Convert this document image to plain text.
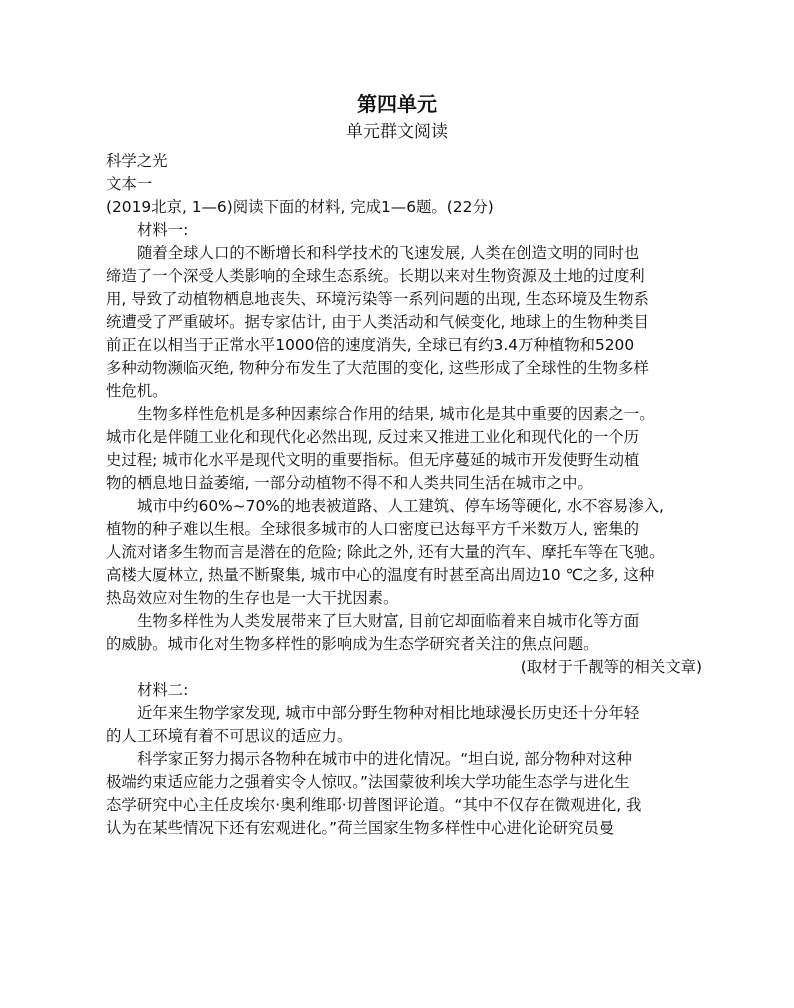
第四单元
单元群文阅读
科学之光
文本一
(2019北京, 1—6)阅读下面的材料, 完成1—6题。(22分)
材料一:
随着全球人口的不断增长和科学技术的飞速发展, 人类在创造文明的同时也
缔造了一个深受人类影响的全球生态系统。长期以来对生物资源及土地的过度利
用, 导致了动植物栖息地丧失、环境污染等一系列问题的出现, 生态环境及生物系
统遭受了严重破坏。据专家估计, 由于人类活动和气候变化, 地球上的生物种类目
前正在以相当于正常水平1000倍的速度消失, 全球已有约3.4万种植物和5200
多种动物濒临灭绝, 物种分布发生了大范围的变化, 这些形成了全球性的生物多样
性危机。
生物多样性危机是多种因素综合作用的结果, 城市化是其中重要的因素之一。
城市化是伴随工业化和现代化必然出现, 反过来又推进工业化和现代化的一个历
史过程; 城市化水平是现代文明的重要指标。但无序蔓延的城市开发使野生动植
物的栖息地日益萎缩, 一部分动植物不得不和人类共同生活在城市之中。
城市中约60%~70%的地表被道路、人工建筑、停车场等硬化, 水不容易渗入,
植物的种子难以生根。全球很多城市的人口密度已达每平方千米数万人, 密集的
人流对诸多生物而言是潜在的危险; 除此之外, 还有大量的汽车、摩托车等在飞驰。
高楼大厦林立, 热量不断聚集, 城市中心的温度有时甚至高出周边10 ℃之多, 这种
热岛效应对生物的生存也是一大干扰因素。
生物多样性为人类发展带来了巨大财富, 目前它却面临着来自城市化等方面
的威胁。城市化对生物多样性的影响成为生态学研究者关注的焦点问题。
(取材于千靓等的相关文章)
材料二:
近年来生物学家发现, 城市中部分野生物种对相比地球漫长历史还十分年轻
的人工环境有着不可思议的适应力。
科学家正努力揭示各物种在城市中的进化情况。“坦白说, 部分物种对这种
极端约束适应能力之强着实令人惊叹。”法国蒙彼利埃大学功能生态学与进化生
态学研究中心主任皮埃尔·奥利维耶·切普图评论道。“其中不仅存在微观进化, 我
认为在某些情况下还有宏观进化。”荷兰国家生物多样性中心进化论研究员曼
